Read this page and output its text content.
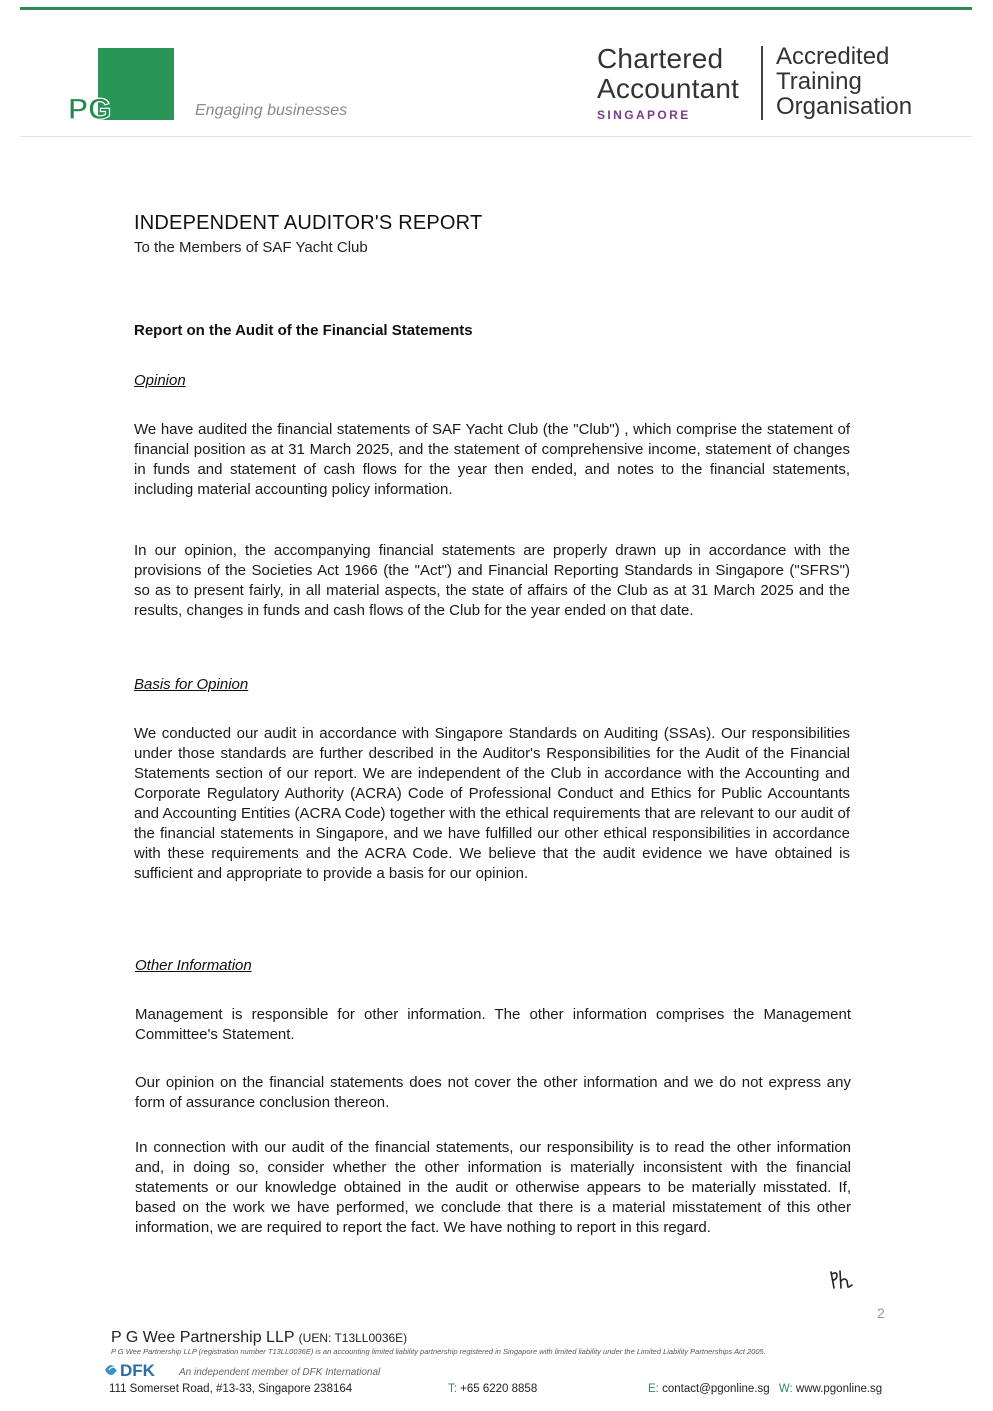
PG	Engaging businesses
Chartered
Accountant
SINGAPORE
Accredited
Training
Organisation
INDEPENDENT AUDITOR'S REPORT
To the Members of SAF Yacht Club
Report on the Audit of the Financial Statements
Opinion
We have audited the financial statements of SAF Yacht Club (the "Club") , which comprise the statement of financial position as at 31 March 2025, and the statement of comprehensive income, statement of changes in funds and statement of cash flows for the year then ended, and notes to the financial statements, including material accounting policy information.
In our opinion, the accompanying financial statements are properly drawn up in accordance with the provisions of the Societies Act 1966 (the "Act") and Financial Reporting Standards in Singapore ("SFRS") so as to present fairly, in all material aspects, the state of affairs of the Club as at 31 March 2025 and the results, changes in funds and cash flows of the Club for the year ended on that date.
Basis for Opinion
We conducted our audit in accordance with Singapore Standards on Auditing (SSAs). Our responsibilities under those standards are further described in the Auditor's Responsibilities for the Audit of the Financial Statements section of our report. We are independent of the Club in accordance with the Accounting and Corporate Regulatory Authority (ACRA) Code of Professional Conduct and Ethics for Public Accountants and Accounting Entities (ACRA Code) together with the ethical requirements that are relevant to our audit of the financial statements in Singapore, and we have fulfilled our other ethical responsibilities in accordance with these requirements and the ACRA Code. We believe that the audit evidence we have obtained is sufficient and appropriate to provide a basis for our opinion.
Other Information
Management is responsible for other information. The other information comprises the Management Committee's Statement.
Our opinion on the financial statements does not cover the other information and we do not express any form of assurance conclusion thereon.
In connection with our audit of the financial statements, our responsibility is to read the other information and, in doing so, consider whether the other information is materially inconsistent with the financial statements or our knowledge obtained in the audit or otherwise appears to be materially misstated. If, based on the work we have performed, we conclude that there is a material misstatement of this other information, we are required to report the fact. We have nothing to report in this regard.
2
P G Wee Partnership LLP (UEN: T13LL0036E)
P G Wee Partnership LLP (registration number T13LL0036E) is an accounting limited liability partnership registered in Singapore with limited liability under the Limited Liability Partnerships Act 2005.
DFK An independent member of DFK International
111 Somerset Road, #13-33, Singapore 238164	T: +65 6220 8858	E: contact@pgonline.sg W: www.pgonline.sg
